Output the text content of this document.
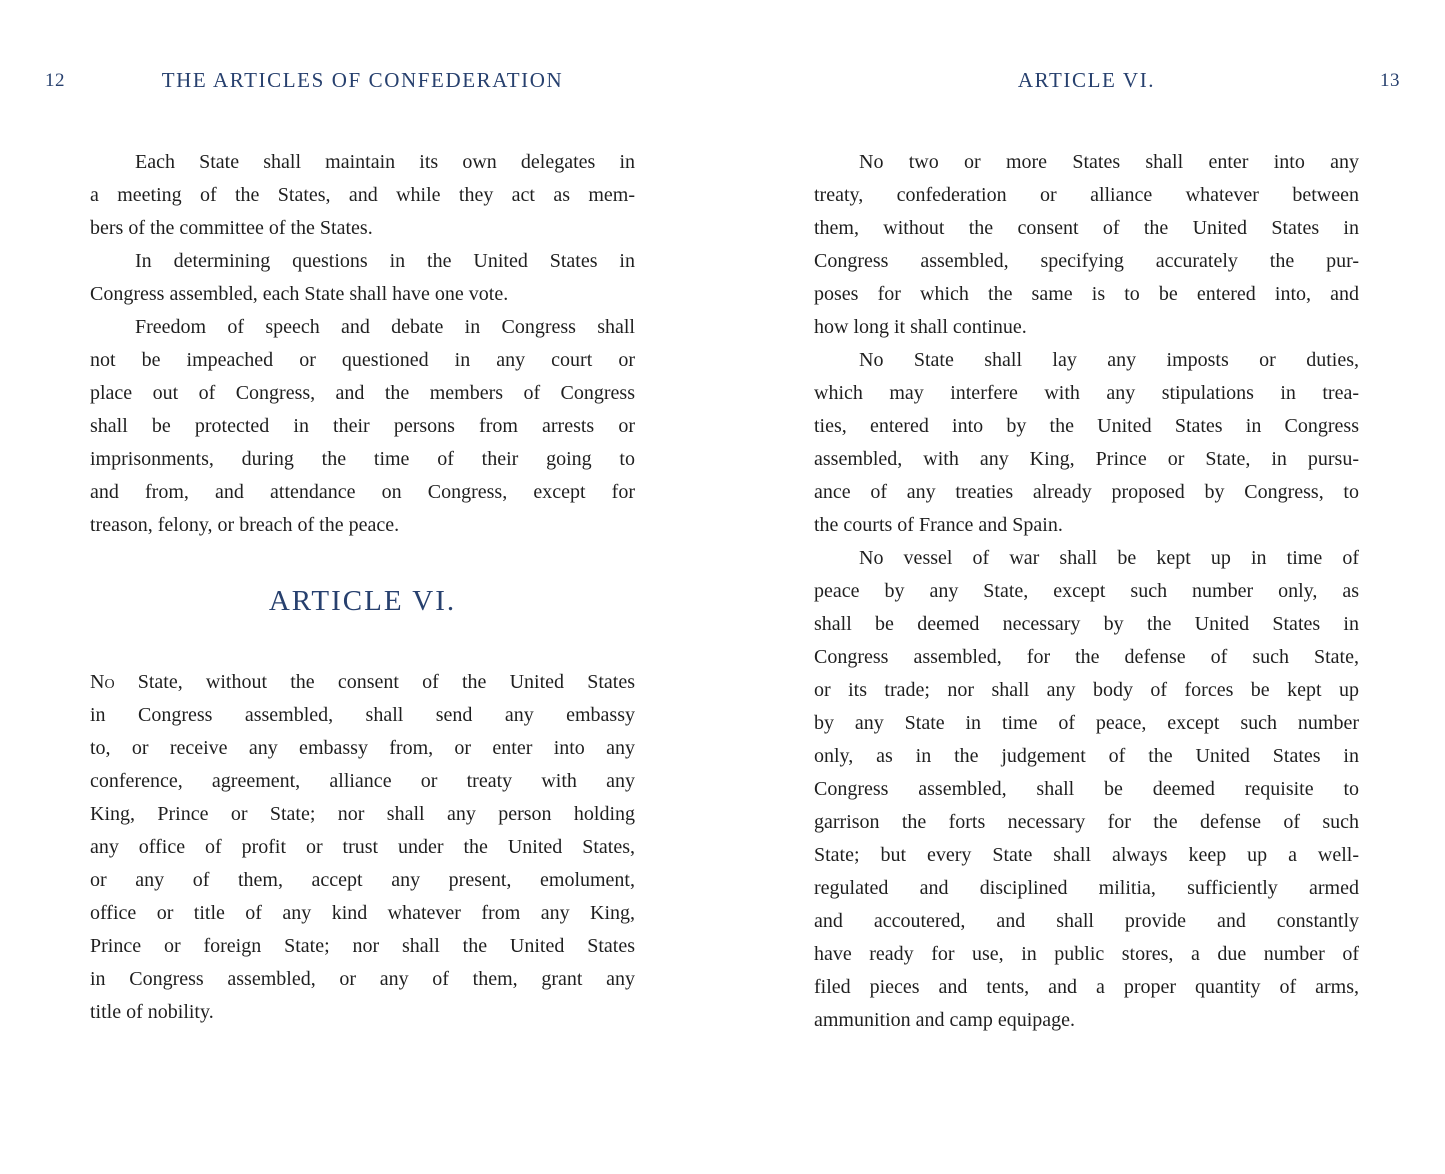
12	THE ARTICLES OF CONFEDERATION
Each State shall maintain its own delegates in
a meeting of the States, and while they act as mem-
bers of the committee of the States.
In determining questions in the United States in
Congress assembled, each State shall have one vote.
Freedom of speech and debate in Congress shall
not be impeached or questioned in any court or
place out of Congress, and the members of Congress
shall be protected in their persons from arrests or
imprisonments, during the time of their going to
and from, and attendance on Congress, except for
treason, felony, or breach of the peace.
ARTICLE VI.
No State, without the consent of the United States
in Congress assembled, shall send any embassy
to, or receive any embassy from, or enter into any
conference, agreement, alliance or treaty with any
King, Prince or State; nor shall any person holding
any office of profit or trust under the United States,
or any of them, accept any present, emolument,
office or title of any kind whatever from any King,
Prince or foreign State; nor shall the United States
in Congress assembled, or any of them, grant any
title of nobility.
ARTICLE VI.	13
No two or more States shall enter into any
treaty, confederation or alliance whatever between
them, without the consent of the United States in
Congress assembled, specifying accurately the pur-
poses for which the same is to be entered into, and
how long it shall continue.
No State shall lay any imposts or duties,
which may interfere with any stipulations in trea-
ties, entered into by the United States in Congress
assembled, with any King, Prince or State, in pursu-
ance of any treaties already proposed by Congress, to
the courts of France and Spain.
No vessel of war shall be kept up in time of
peace by any State, except such number only, as
shall be deemed necessary by the United States in
Congress assembled, for the defense of such State,
or its trade; nor shall any body of forces be kept up
by any State in time of peace, except such number
only, as in the judgement of the United States in
Congress assembled, shall be deemed requisite to
garrison the forts necessary for the defense of such
State; but every State shall always keep up a well-
regulated and disciplined militia, sufficiently armed
and accoutered, and shall provide and constantly
have ready for use, in public stores, a due number of
filed pieces and tents, and a proper quantity of arms,
ammunition and camp equipage.
